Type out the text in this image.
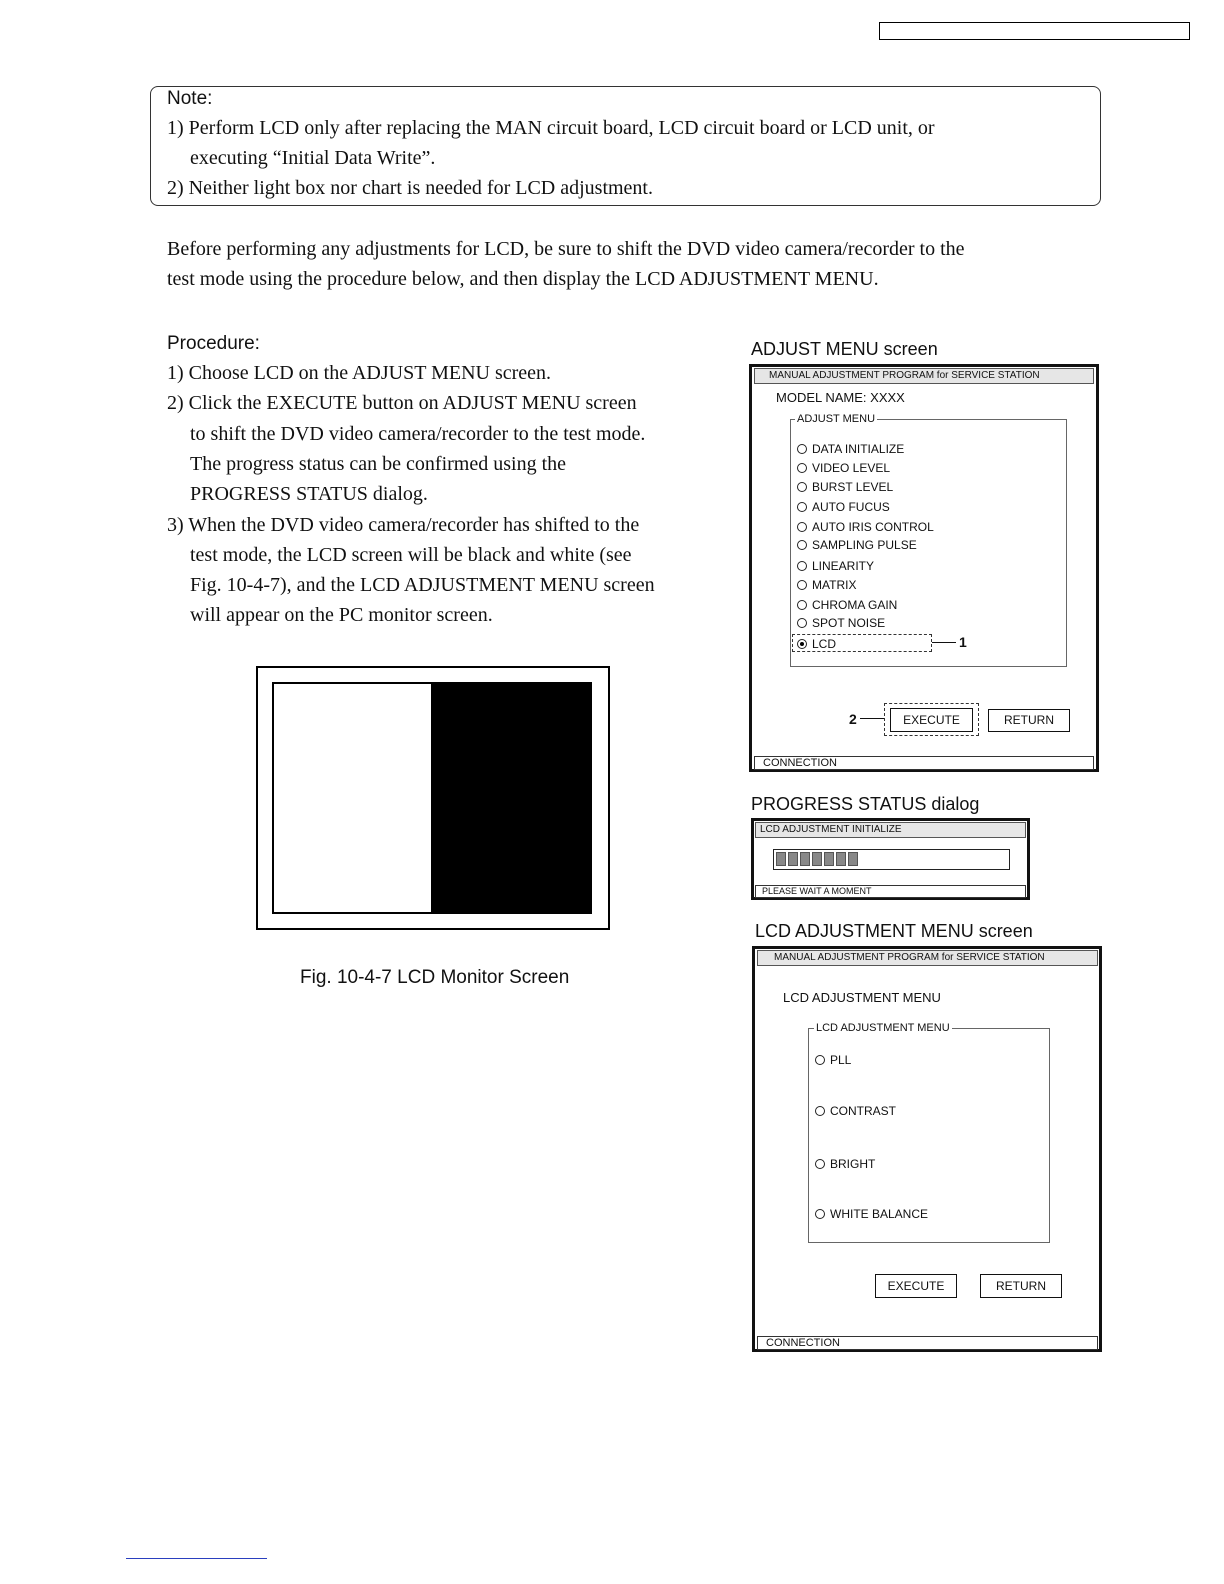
Note:
1) Perform LCD only after replacing the MAN circuit board, LCD circuit board or LCD unit, or
executing “Initial Data Write”.
2) Neither light box nor chart is needed for LCD adjustment.
Before performing any adjustments for LCD, be sure to shift the DVD video camera/recorder to the
test mode using the procedure below, and then display the LCD ADJUSTMENT MENU.
Procedure:
1) Choose LCD on the ADJUST MENU screen.
2) Click the EXECUTE button on ADJUST MENU screen
to shift the DVD video camera/recorder to the test mode.
The progress status can be confirmed using the
PROGRESS STATUS dialog.
3) When the DVD video camera/recorder has shifted to the
test mode, the LCD screen will be black and white (see
Fig. 10-4-7), and the LCD ADJUSTMENT MENU screen
will appear on the PC monitor screen.
Fig. 10-4-7 LCD Monitor Screen
ADJUST MENU screen
MANUAL ADJUSTMENT PROGRAM for SERVICE STATION
MODEL NAME: XXXX
ADJUST MENU
DATA INITIALIZE
VIDEO LEVEL
BURST LEVEL
AUTO FUCUS
AUTO IRIS CONTROL
SAMPLING PULSE
LINEARITY
MATRIX
CHROMA GAIN
SPOT NOISE
LCD	1
2	EXECUTE	RETURN
CONNECTION
PROGRESS STATUS dialog
LCD ADJUSTMENT INITIALIZE
PLEASE WAIT A MOMENT
LCD ADJUSTMENT MENU screen
MANUAL ADJUSTMENT PROGRAM for SERVICE STATION
LCD ADJUSTMENT MENU
LCD ADJUSTMENT MENU
PLL
CONTRAST
BRIGHT
WHITE BALANCE
EXECUTE	RETURN
CONNECTION
